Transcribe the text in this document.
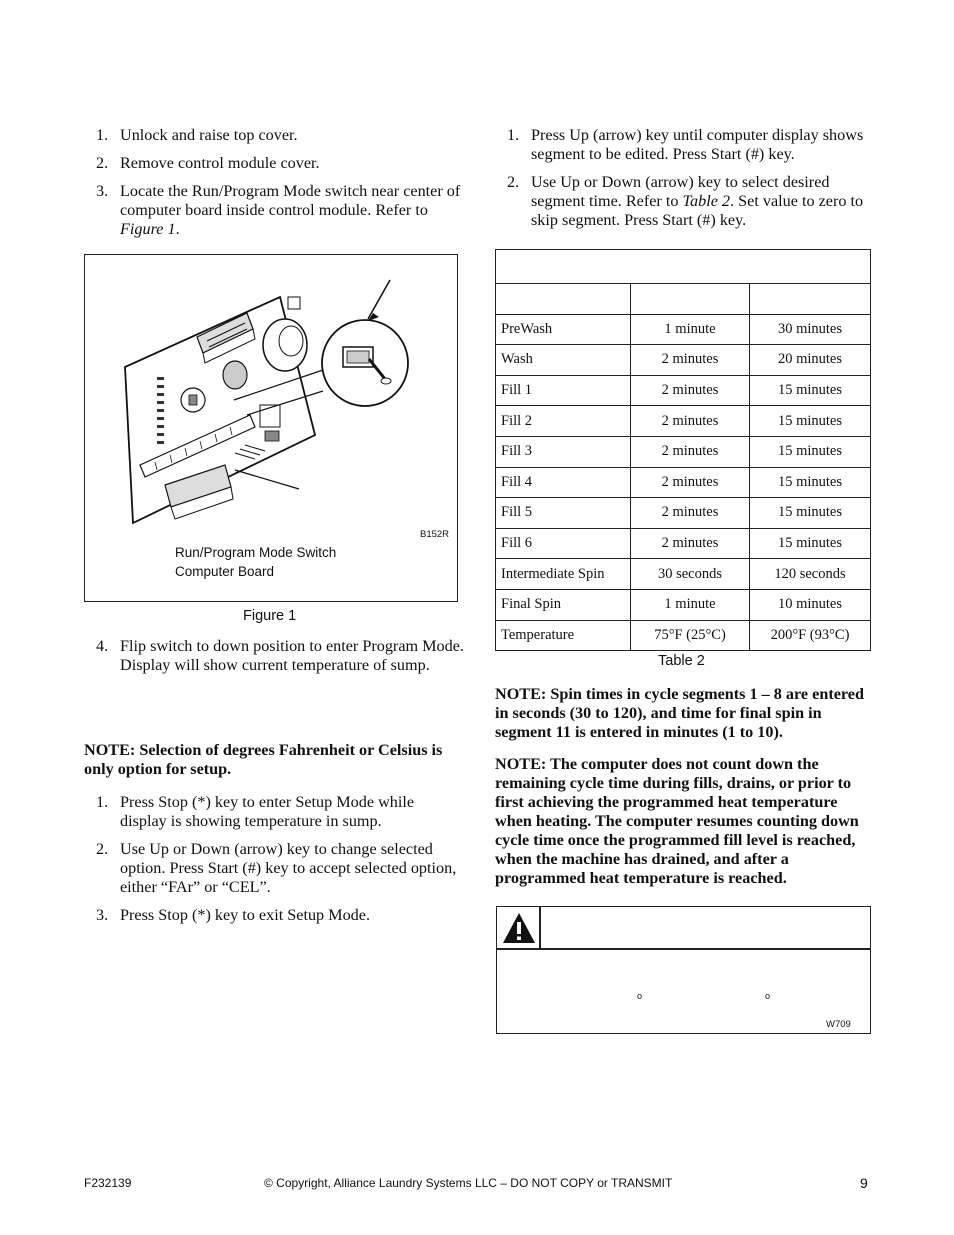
1. Unlock and raise top cover.
2. Remove control module cover.
3. Locate the Run/Program Mode switch near center of computer board inside control module. Refer to Figure 1.
B152R
Run/Program Mode Switch
Computer Board
Figure 1
4. Flip switch to down position to enter Program Mode. Display will show current temperature of sump.
NOTE: Selection of degrees Fahrenheit or Celsius is only option for setup.
1. Press Stop (*) key to enter Setup Mode while display is showing temperature in sump.
2. Use Up or Down (arrow) key to change selected option. Press Start (#) key to accept selected option, either “FAr” or “CEL”.
3. Press Stop (*) key to exit Setup Mode.
1. Press Up (arrow) key until computer display shows segment to be edited. Press Start (#) key.
2. Use Up or Down (arrow) key to select desired segment time. Refer to Table 2. Set value to zero to skip segment. Press Start (#) key.

PreWash	1 minute	30 minutes
Wash	2 minutes	20 minutes
Fill 1	2 minutes	15 minutes
Fill 2	2 minutes	15 minutes
Fill 3	2 minutes	15 minutes
Fill 4	2 minutes	15 minutes
Fill 5	2 minutes	15 minutes
Fill 6	2 minutes	15 minutes
Intermediate Spin	30 seconds	120 seconds
Final Spin	1 minute	10 minutes
Temperature	75°F (25°C)	200°F (93°C)
Table 2
NOTE: Spin times in cycle segments 1 – 8 are entered in seconds (30 to 120), and time for final spin in segment 11 is entered in minutes (1 to 10).
NOTE: The computer does not count down the remaining cycle time during fills, drains, or prior to first achieving the programmed heat temperature when heating. The computer resumes counting down cycle time once the programmed fill level is reached, when the machine has drained, and after a programmed heat temperature is reached.
o	o
W709
F232139	© Copyright, Alliance Laundry Systems LLC – DO NOT COPY or TRANSMIT	9
